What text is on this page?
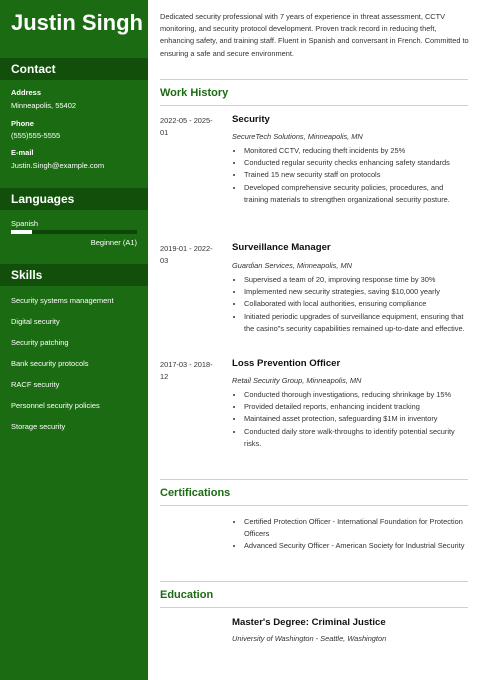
Justin Singh
Contact
Address
Minneapolis, 55402
Phone
(555)555-5555
E-mail
Justin.Singh@example.com
Languages
Spanish
Beginner (A1)
Skills
Security systems management
Digital security
Security patching
Bank security protocols
RACF security
Personnel security policies
Storage security
Dedicated security professional with 7 years of experience in threat assessment, CCTV monitoring, and security protocol development. Proven track record in reducing theft, enhancing safety, and training staff. Fluent in Spanish and conversant in French. Committed to ensuring a safe and secure environment.
Work History
2022-05 - 2025-01
Security
SecureTech Solutions, Minneapolis, MN
• Monitored CCTV, reducing theft incidents by 25%
• Conducted regular security checks enhancing safety standards
• Trained 15 new security staff on protocols
• Developed comprehensive security policies, procedures, and training materials to strengthen organizational security posture.
2019-01 - 2022-03
Surveillance Manager
Guardian Services, Minneapolis, MN
• Supervised a team of 20, improving response time by 30%
• Implemented new security strategies, saving $10,000 yearly
• Collaborated with local authorities, ensuring compliance
• Initiated periodic upgrades of surveillance equipment, ensuring that the casino"s security capabilities remained up-to-date and effective.
2017-03 - 2018-12
Loss Prevention Officer
Retail Security Group, Minneapolis, MN
• Conducted thorough investigations, reducing shrinkage by 15%
• Provided detailed reports, enhancing incident tracking
• Maintained asset protection, safeguarding $1M in inventory
• Conducted daily store walk-throughs to identify potential security risks.
Certifications
• Certified Protection Officer - International Foundation for Protection Officers
• Advanced Security Officer - American Society for Industrial Security
Education
Master's Degree: Criminal Justice
University of Washington - Seattle, Washington
